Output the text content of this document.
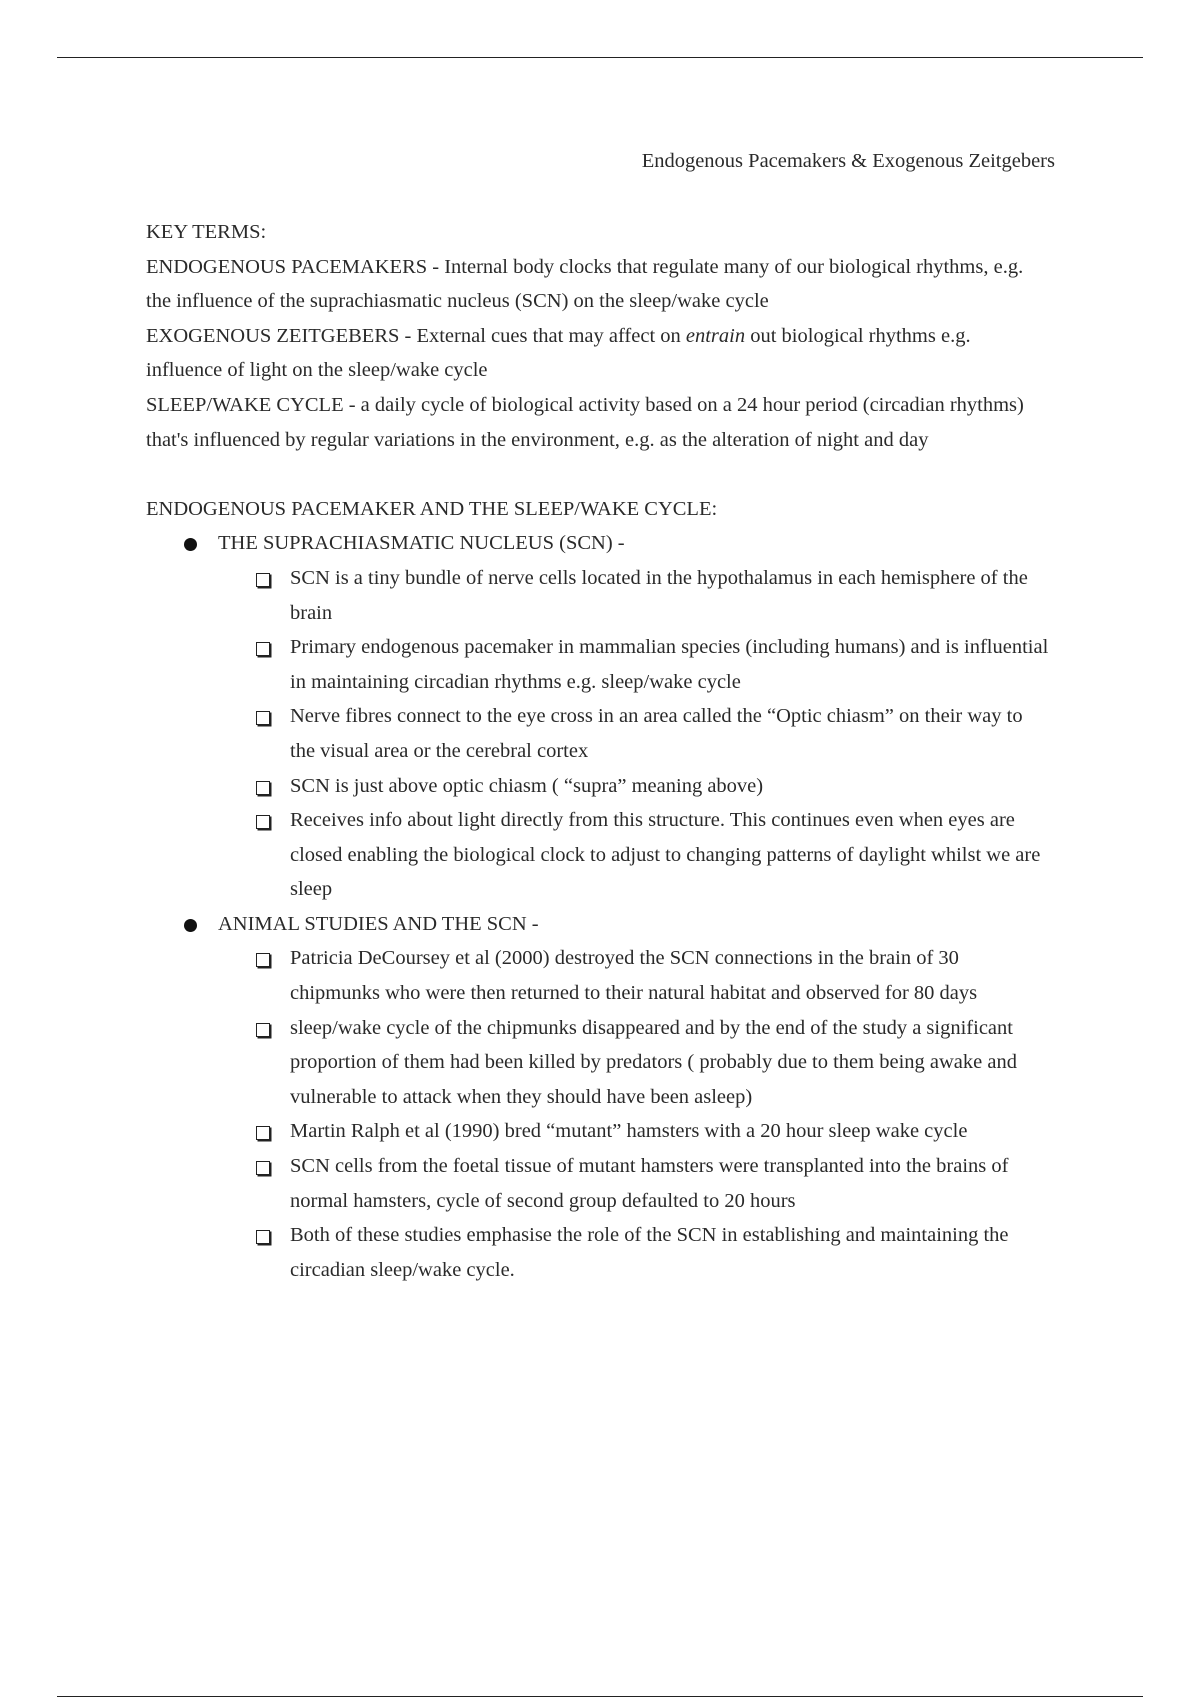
Endogenous Pacemakers & Exogenous Zeitgebers

KEY TERMS:

ENDOGENOUS PACEMAKERS - Internal body clocks that regulate many of our biological rhythms, e.g. the influence of the suprachiasmatic nucleus (SCN) on the sleep/wake cycle

EXOGENOUS ZEITGEBERS - External cues that may affect on entrain out biological rhythms e.g. influence of light on the sleep/wake cycle

SLEEP/WAKE CYCLE - a daily cycle of biological activity based on a 24 hour period (circadian rhythms) that's influenced by regular variations in the environment, e.g. as the alteration of night and day

ENDOGENOUS PACEMAKER AND THE SLEEP/WAKE CYCLE:

THE SUPRACHIASMATIC NUCLEUS (SCN) -
SCN is a tiny bundle of nerve cells located in the hypothalamus in each hemisphere of the brain
Primary endogenous pacemaker in mammalian species (including humans) and is influential in maintaining circadian rhythms e.g. sleep/wake cycle
Nerve fibres connect to the eye cross in an area called the “Optic chiasm” on their way to the visual area or the cerebral cortex
SCN is just above optic chiasm ( “supra” meaning above)
Receives info about light directly from this structure. This continues even when eyes are closed enabling the biological clock to adjust to changing patterns of daylight whilst we are sleep
ANIMAL STUDIES AND THE SCN -
Patricia DeCoursey et al (2000) destroyed the SCN connections in the brain of 30 chipmunks who were then returned to their natural habitat and observed for 80 days
sleep/wake cycle of the chipmunks disappeared and by the end of the study a significant proportion of them had been killed by predators ( probably due to them being awake and vulnerable to attack when they should have been asleep)
Martin Ralph et al (1990) bred “mutant” hamsters with a 20 hour sleep wake cycle
SCN cells from the foetal tissue of mutant hamsters were transplanted into the brains of normal hamsters, cycle of second group defaulted to 20 hours
Both of these studies emphasise the role of the SCN in establishing and maintaining the circadian sleep/wake cycle.
